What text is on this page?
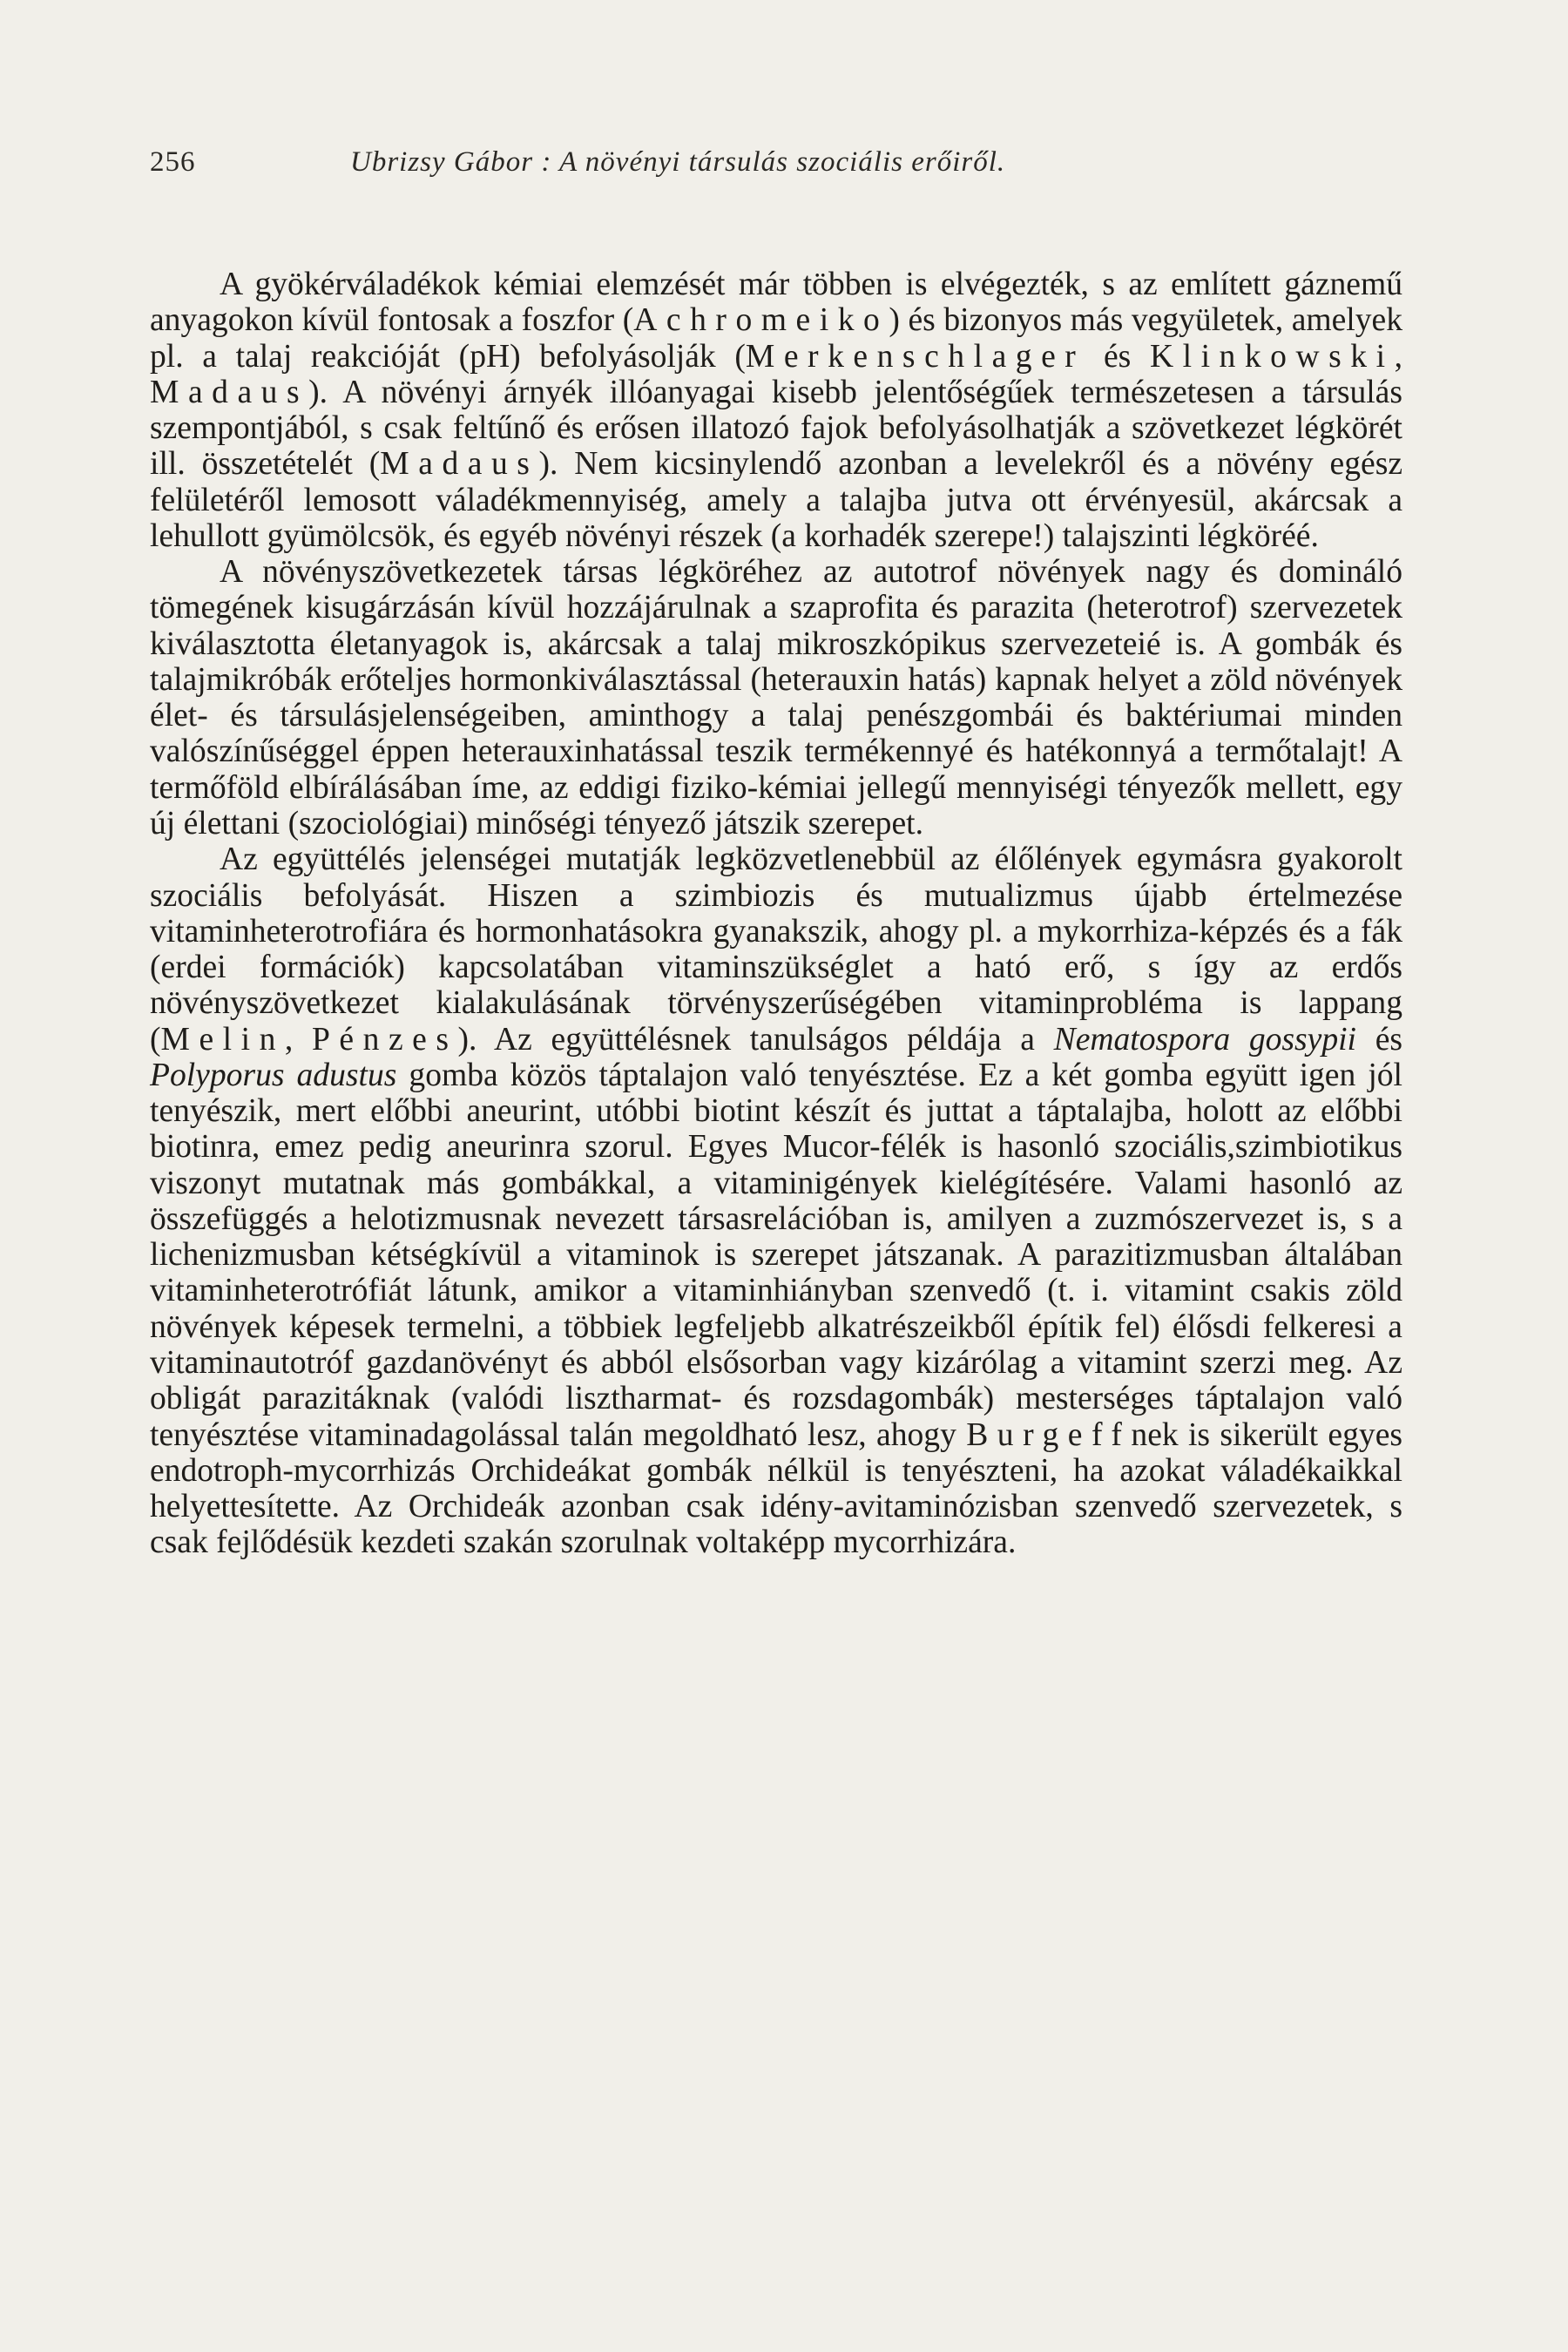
256	Ubrizsy Gábor : A növényi társulás szociális erőiről.

A gyökérváladékok kémiai elemzését már többen is elvégezték, s az említett gáznemű anyagokon kívül fontosak a foszfor (Achromeiko) és bizonyos más vegyületek, amelyek pl. a talaj reakcióját (pH) befolyásolják (Merkenschlager és Klinkowski, Madaus). A növényi árnyék illóanyagai kisebb jelentőségűek természetesen a társulás szempontjából, s csak feltűnő és erősen illatozó fajok befolyásolhatják a szövetkezet légkörét ill. összetételét (Madaus). Nem kicsinylendő azonban a levelekről és a növény egész felületéről lemosott váladékmennyiség, amely a talajba jutva ott érvényesül, akárcsak a lehullott gyümölcsök, és egyéb növényi részek (a korhadék szerepe!) talajszinti légköréé.

A növényszövetkezetek társas légköréhez az autotrof növények nagy és domináló tömegének kisugárzásán kívül hozzájárulnak a szaprofita és parazita (heterotrof) szervezetek kiválasztotta életanyagok is, akárcsak a talaj mikroszkópikus szervezeteié is. A gombák és talajmikróbák erőteljes hormonkiválasztással (heterauxin hatás) kapnak helyet a zöld növények élet- és társulásjelenségeiben, aminthogy a talaj penészgombái és baktériumai minden valószínűséggel éppen heterauxinhatással teszik termékennyé és hatékonnyá a termőtalajt! A termőföld elbírálásában íme, az eddigi fiziko-kémiai jellegű mennyiségi tényezők mellett, egy új élettani (szociológiai) minőségi tényező játszik szerepet.

Az együttélés jelenségei mutatják legközvetlenebbül az élőlények egymásra gyakorolt szociális befolyását. Hiszen a szimbiozis és mutualizmus újabb értelmezése vitaminheterotrofiára és hormonhatásokra gyanakszik, ahogy pl. a mykorrhiza-képzés és a fák (erdei formációk) kapcsolatában vitaminszükséglet a ható erő, s így az erdős növényszövetkezet kialakulásának törvényszerűségében vitaminprobléma is lappang (Melin, Pénzes). Az együttélésnek tanulságos példája a Nematospora gossypii és Polyporus adustus gomba közös táptalajon való tenyésztése. Ez a két gomba együtt igen jól tenyészik, mert előbbi aneurint, utóbbi biotint készít és juttat a táptalajba, holott az előbbi biotinra, emez pedig aneurinra szorul. Egyes Mucor-félék is hasonló szociális,szimbiotikus viszonyt mutatnak más gombákkal, a vitaminigények kielégítésére. Valami hasonló az összefüggés a helotizmusnak nevezett társasrelációban is, amilyen a zuzmószervezet is, s a lichenizmusban kétségkívül a vitaminok is szerepet játszanak. A parazitizmusban általában vitaminheterotrófiát látunk, amikor a vitaminhiányban szenvedő (t. i. vitamint csakis zöld növények képesek termelni, a többiek legfeljebb alkatrészeikből építik fel) élősdi felkeresi a vitaminautotróf gazdanövényt és abból elsősorban vagy kizárólag a vitamint szerzi meg. Az obligát parazitáknak (valódi lisztharmat- és rozsdagombák) mesterséges táptalajon való tenyésztése vitaminadagolással talán megoldható lesz, ahogy Burgeffnek is sikerült egyes endotroph-mycorrhizás Orchideákat gombák nélkül is tenyészteni, ha azokat váladékaikkal helyettesítette. Az Orchideák azonban csak idény-avitaminózisban szenvedő szervezetek, s csak fejlődésük kezdeti szakán szorulnak voltaképp mycorrhizára.
